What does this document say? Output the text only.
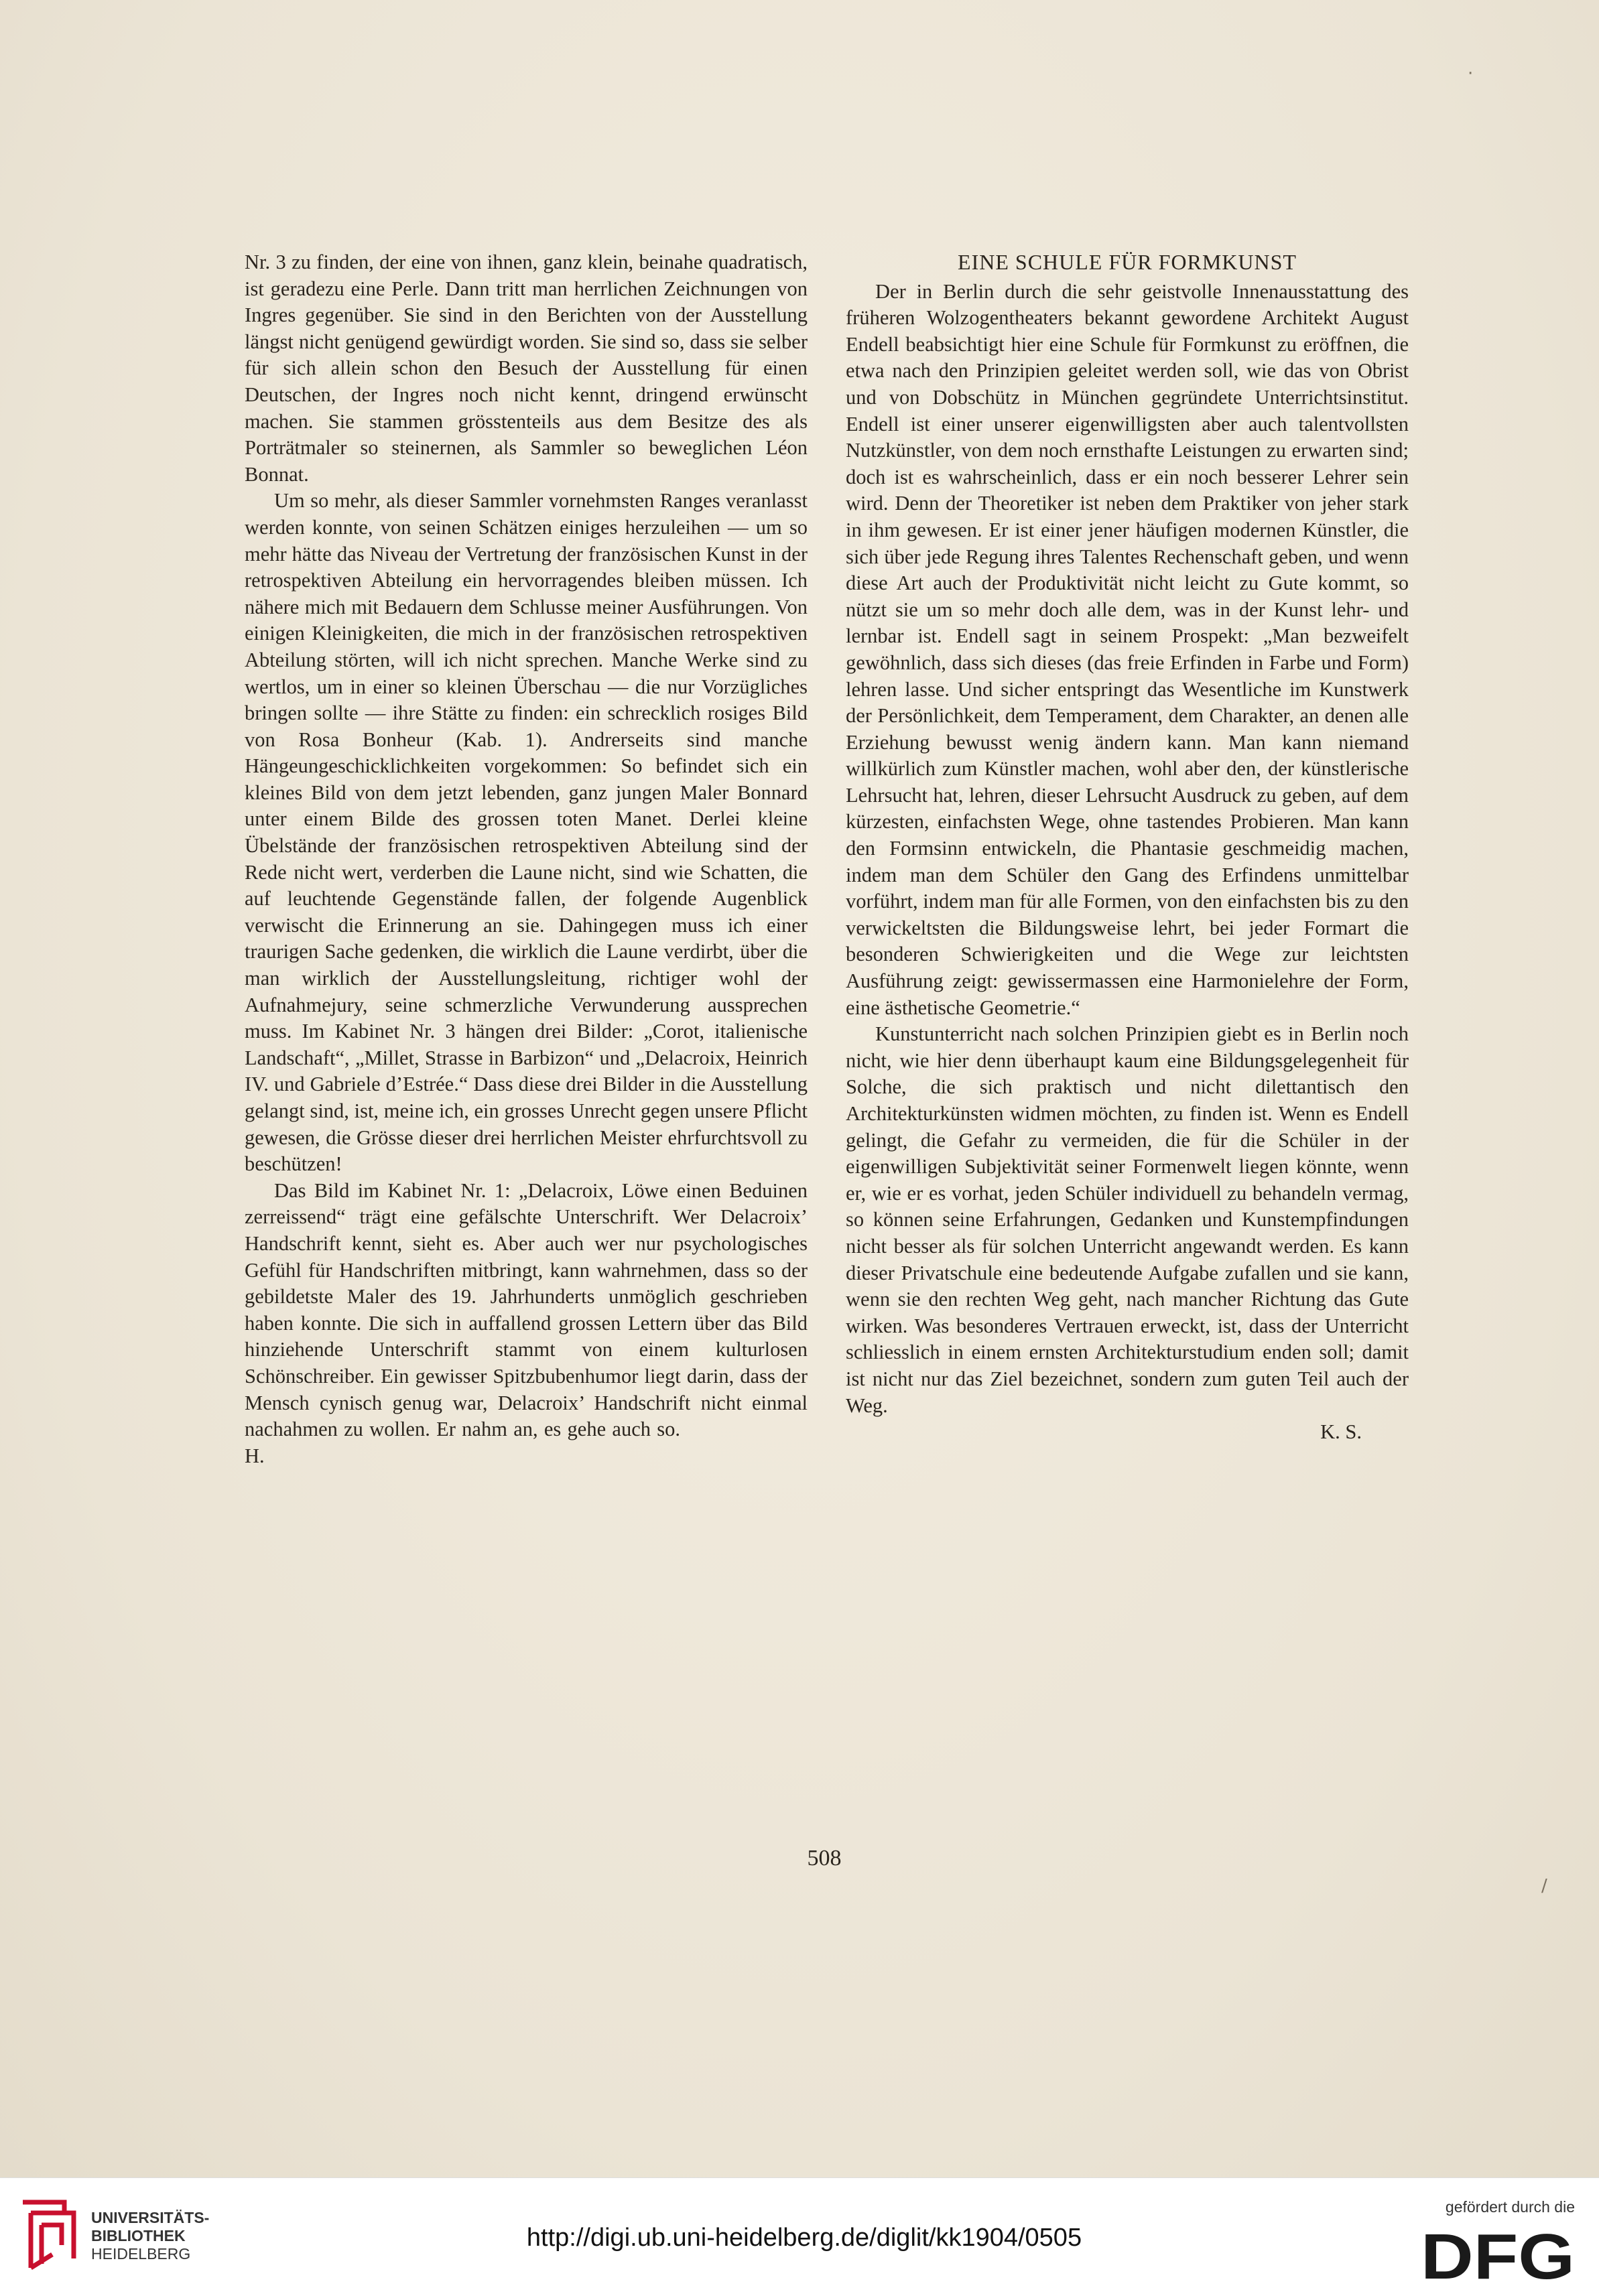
Nr. 3 zu finden, der eine von ihnen, ganz klein, beinahe quadratisch, ist geradezu eine Perle. Dann tritt man herrlichen Zeichnungen von Ingres gegenüber. Sie sind in den Berichten von der Ausstellung längst nicht genügend gewürdigt worden. Sie sind so, dass sie selber für sich allein schon den Besuch der Ausstellung für einen Deutschen, der Ingres noch nicht kennt, dringend erwünscht machen. Sie stammen grösstenteils aus dem Besitze des als Porträtmaler so steinernen, als Sammler so beweglichen Léon Bonnat.

Um so mehr, als dieser Sammler vornehmsten Ranges veranlasst werden konnte, von seinen Schätzen einiges herzuleihen — um so mehr hätte das Niveau der Vertretung der französischen Kunst in der retrospektiven Abteilung ein hervorragendes bleiben müssen. Ich nähere mich mit Bedauern dem Schlusse meiner Ausführungen. Von einigen Kleinigkeiten, die mich in der französischen retrospektiven Abteilung störten, will ich nicht sprechen. Manche Werke sind zu wertlos, um in einer so kleinen Überschau — die nur Vorzügliches bringen sollte — ihre Stätte zu finden: ein schrecklich rosiges Bild von Rosa Bonheur (Kab. 1). Andrerseits sind manche Hängeungeschicklichkeiten vorgekommen: So befindet sich ein kleines Bild von dem jetzt lebenden, ganz jungen Maler Bonnard unter einem Bilde des grossen toten Manet. Derlei kleine Übelstände der französischen retrospektiven Abteilung sind der Rede nicht wert, verderben die Laune nicht, sind wie Schatten, die auf leuchtende Gegenstände fallen, der folgende Augenblick verwischt die Erinnerung an sie. Dahingegen muss ich einer traurigen Sache gedenken, die wirklich die Laune verdirbt, über die man wirklich der Ausstellungsleitung, richtiger wohl der Aufnahmejury, seine schmerzliche Verwunderung aussprechen muss. Im Kabinet Nr. 3 hängen drei Bilder: „Corot, italienische Landschaft“, „Millet, Strasse in Barbizon“ und „Delacroix, Heinrich IV. und Gabriele d’Estrée.“ Dass diese drei Bilder in die Ausstellung gelangt sind, ist, meine ich, ein grosses Unrecht gegen unsere Pflicht gewesen, die Grösse dieser drei herrlichen Meister ehrfurchtsvoll zu beschützen!

Das Bild im Kabinet Nr. 1: „Delacroix, Löwe einen Beduinen zerreissend“ trägt eine gefälschte Unterschrift. Wer Delacroix’ Handschrift kennt, sieht es. Aber auch wer nur psychologisches Gefühl für Handschriften mitbringt, kann wahrnehmen, dass so der gebildetste Maler des 19. Jahrhunderts unmöglich geschrieben haben konnte. Die sich in auffallend grossen Lettern über das Bild hinziehende Unterschrift stammt von einem kulturlosen Schönschreiber. Ein gewisser Spitzbubenhumor liegt darin, dass der Mensch cynisch genug war, Delacroix’ Handschrift nicht einmal nachahmen zu wollen. Er nahm an, es gehe auch so.H.

EINE SCHULE FÜR FORMKUNST

Der in Berlin durch die sehr geistvolle Innenausstattung des früheren Wolzogentheaters bekannt gewordene Architekt August Endell beabsichtigt hier eine Schule für Formkunst zu eröffnen, die etwa nach den Prinzipien geleitet werden soll, wie das von Obrist und von Dobschütz in München gegründete Unterrichtsinstitut. Endell ist einer unserer eigenwilligsten aber auch talentvollsten Nutzkünstler, von dem noch ernsthafte Leistungen zu erwarten sind; doch ist es wahrscheinlich, dass er ein noch besserer Lehrer sein wird. Denn der Theoretiker ist neben dem Praktiker von jeher stark in ihm gewesen. Er ist einer jener häufigen modernen Künstler, die sich über jede Regung ihres Talentes Rechenschaft geben, und wenn diese Art auch der Produktivität nicht leicht zu Gute kommt, so nützt sie um so mehr doch alle dem, was in der Kunst lehr- und lernbar ist. Endell sagt in seinem Prospekt: „Man bezweifelt gewöhnlich, dass sich dieses (das freie Erfinden in Farbe und Form) lehren lasse. Und sicher entspringt das Wesentliche im Kunstwerk der Persönlichkeit, dem Temperament, dem Charakter, an denen alle Erziehung bewusst wenig ändern kann. Man kann niemand willkürlich zum Künstler machen, wohl aber den, der künstlerische Lehrsucht hat, lehren, dieser Lehrsucht Ausdruck zu geben, auf dem kürzesten, einfachsten Wege, ohne tastendes Probieren. Man kann den Formsinn entwickeln, die Phantasie geschmeidig machen, indem man dem Schüler den Gang des Erfindens unmittelbar vorführt, indem man für alle Formen, von den einfachsten bis zu den verwickeltsten die Bildungsweise lehrt, bei jeder Formart die besonderen Schwierigkeiten und die Wege zur leichtsten Ausführung zeigt: gewissermassen eine Harmonielehre der Form, eine ästhetische Geometrie.“

Kunstunterricht nach solchen Prinzipien giebt es in Berlin noch nicht, wie hier denn überhaupt kaum eine Bildungsgelegenheit für Solche, die sich praktisch und nicht dilettantisch den Architekturkünsten widmen möchten, zu finden ist. Wenn es Endell gelingt, die Gefahr zu vermeiden, die für die Schüler in der eigenwilligen Subjektivität seiner Formenwelt liegen könnte, wenn er, wie er es vorhat, jeden Schüler individuell zu behandeln vermag, so können seine Erfahrungen, Gedanken und Kunstempfindungen nicht besser als für solchen Unterricht angewandt werden. Es kann dieser Privatschule eine bedeutende Aufgabe zufallen und sie kann, wenn sie den rechten Weg geht, nach mancher Richtung das Gute wirken. Was besonderes Vertrauen erweckt, ist, dass der Unterricht schliesslich in einem ernsten Architekturstudium enden soll; damit ist nicht nur das Ziel bezeichnet, sondern zum guten Teil auch der Weg.

K. S.
508
·
/
UNIVERSITÄTS-
BIBLIOTHEK
HEIDELBERG
http://digi.ub.uni-heidelberg.de/diglit/kk1904/0505
gefördert durch die
DFG
